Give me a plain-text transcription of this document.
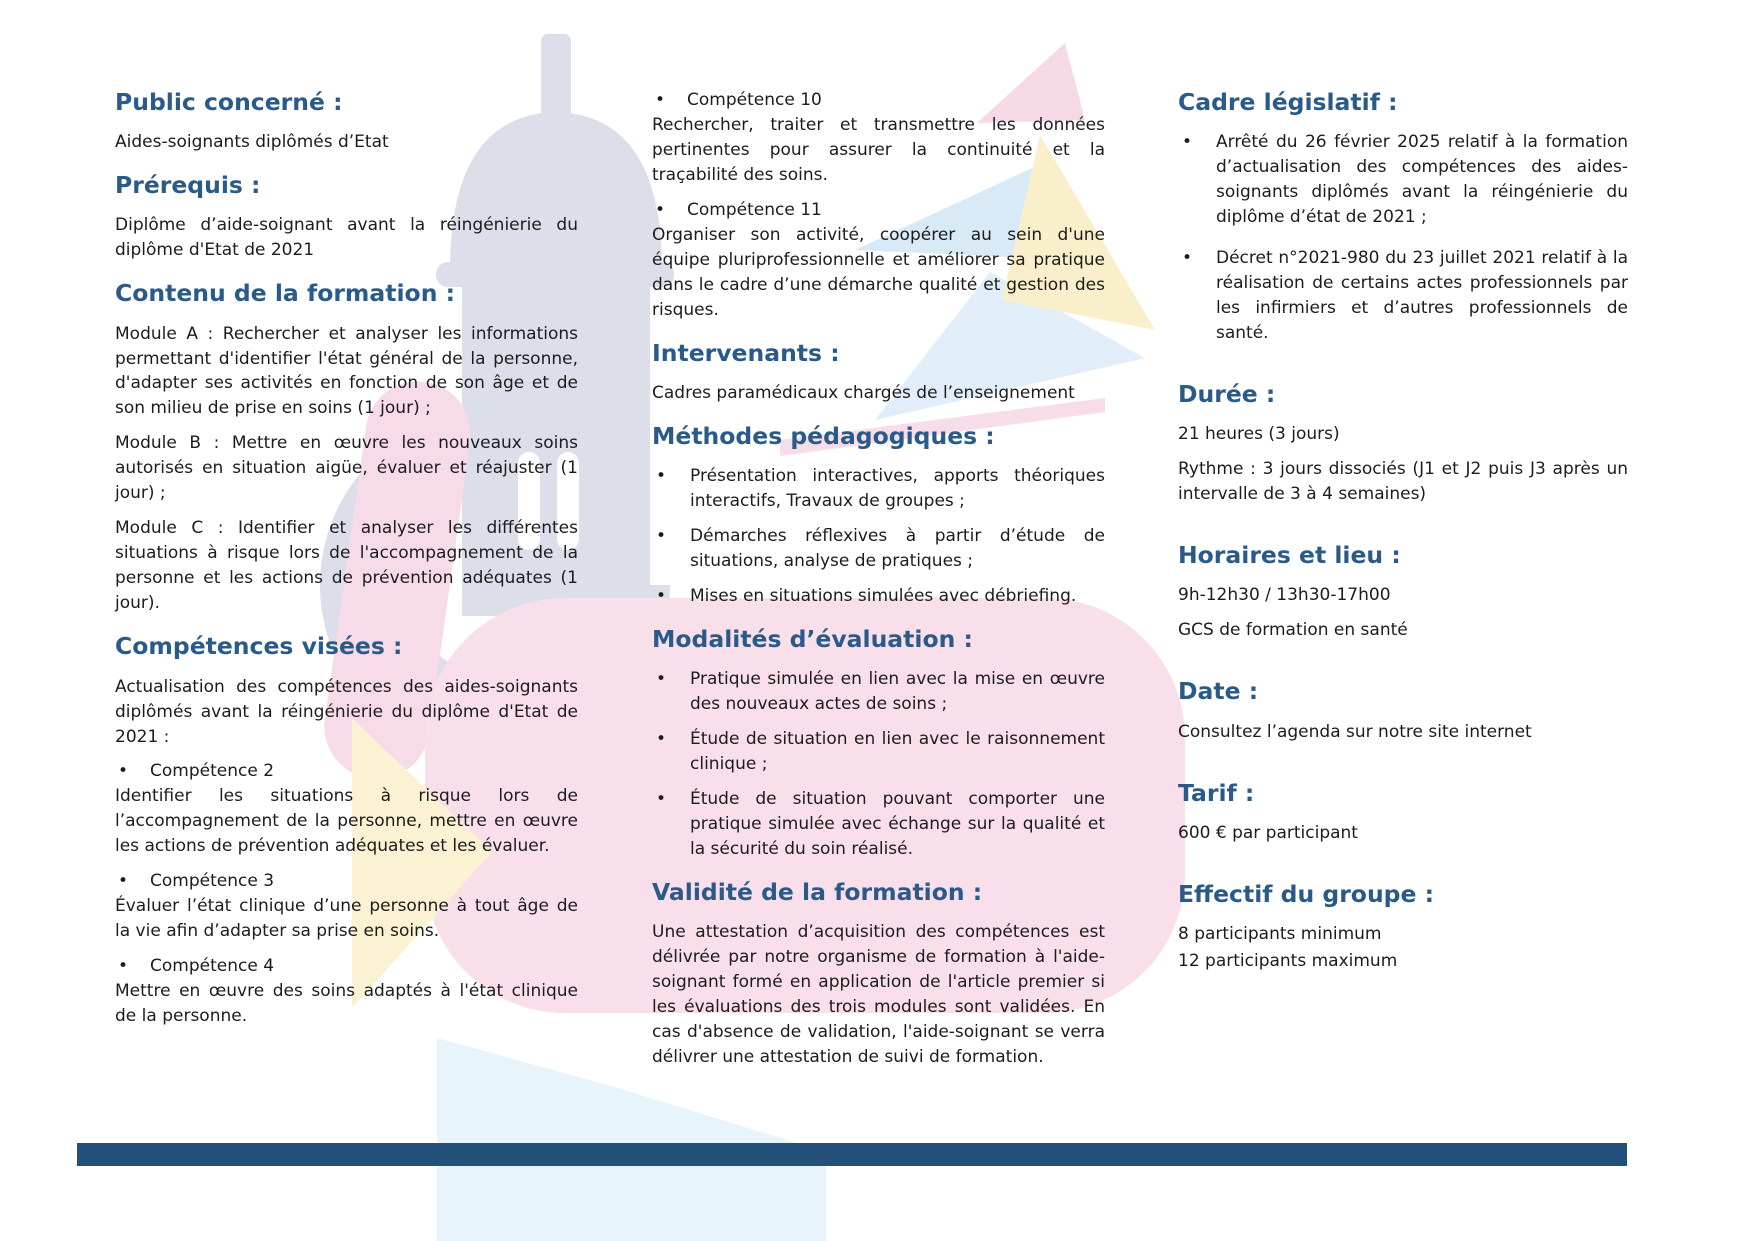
Public concerné :

Aides-soignants diplômés d’Etat

Prérequis :

Diplôme d’aide-soignant avant la réingénierie du diplôme d'Etat de 2021

Contenu de la formation :

Module A : Rechercher et analyser les informations permettant d'identifier l'état général de la personne, d'adapter ses activités en fonction de son âge et de son milieu de prise en soins (1 jour) ;

Module B : Mettre en œuvre les nouveaux soins autorisés en situation aigüe, évaluer et réajuster (1 jour) ;

Module C : Identifier et analyser les différentes situations à risque lors de l'accompagnement de la personne et les actions de prévention adéquates (1 jour).

Compétences visées :

Actualisation des compétences des aides-soignants diplômés avant la réingénierie du diplôme d'Etat de 2021 :

• Compétence 2

Identifier les situations à risque lors de l’accompagnement de la personne, mettre en œuvre les actions de prévention adéquates et les évaluer.

• Compétence 3

Évaluer l’état clinique d’une personne à tout âge de la vie afin d’adapter sa prise en soins.

• Compétence 4

Mettre en œuvre des soins adaptés à l'état clinique de la personne.

• Compétence 10

Rechercher, traiter et transmettre les données pertinentes pour assurer la continuité et la traçabilité des soins.

• Compétence 11

Organiser son activité, coopérer au sein d'une équipe pluriprofessionnelle et améliorer sa pratique dans le cadre d’une démarche qualité et gestion des risques.

Intervenants :

Cadres paramédicaux chargés de l’enseignement

Méthodes pédagogiques :
• Présentation interactives, apports théoriques interactifs, Travaux de groupes ;
• Démarches réflexives à partir d’étude de situations, analyse de pratiques ;
• Mises en situations simulées avec débriefing.
Modalités d’évaluation :
• Pratique simulée en lien avec la mise en œuvre des nouveaux actes de soins ;
• Étude de situation en lien avec le raisonnement clinique ;
• Étude de situation pouvant comporter une pratique simulée avec échange sur la qualité et la sécurité du soin réalisé.
Validité de la formation :

Une attestation d’acquisition des compétences est délivrée par notre organisme de formation à l'aide-soignant formé en application de l'article premier si les évaluations des trois modules sont validées. En cas d'absence de validation, l'aide-soignant se verra délivrer une attestation de suivi de formation.

Cadre législatif :
• Arrêté du 26 février 2025 relatif à la formation d’actualisation des compétences des aides-soignants diplômés avant la réingénierie du diplôme d’état de 2021 ;
• Décret n°2021-980 du 23 juillet 2021 relatif à la réalisation de certains actes professionnels par les infirmiers et d’autres professionnels de santé.
Durée :

21 heures (3 jours)

Rythme : 3 jours dissociés (J1 et J2 puis J3 après un intervalle de 3 à 4 semaines)

Horaires et lieu :

9h-12h30 / 13h30-17h00

GCS de formation en santé

Date :

Consultez l’agenda sur notre site internet

Tarif :

600 € par participant

Effectif du groupe :

8 participants minimum

12 participants maximum
